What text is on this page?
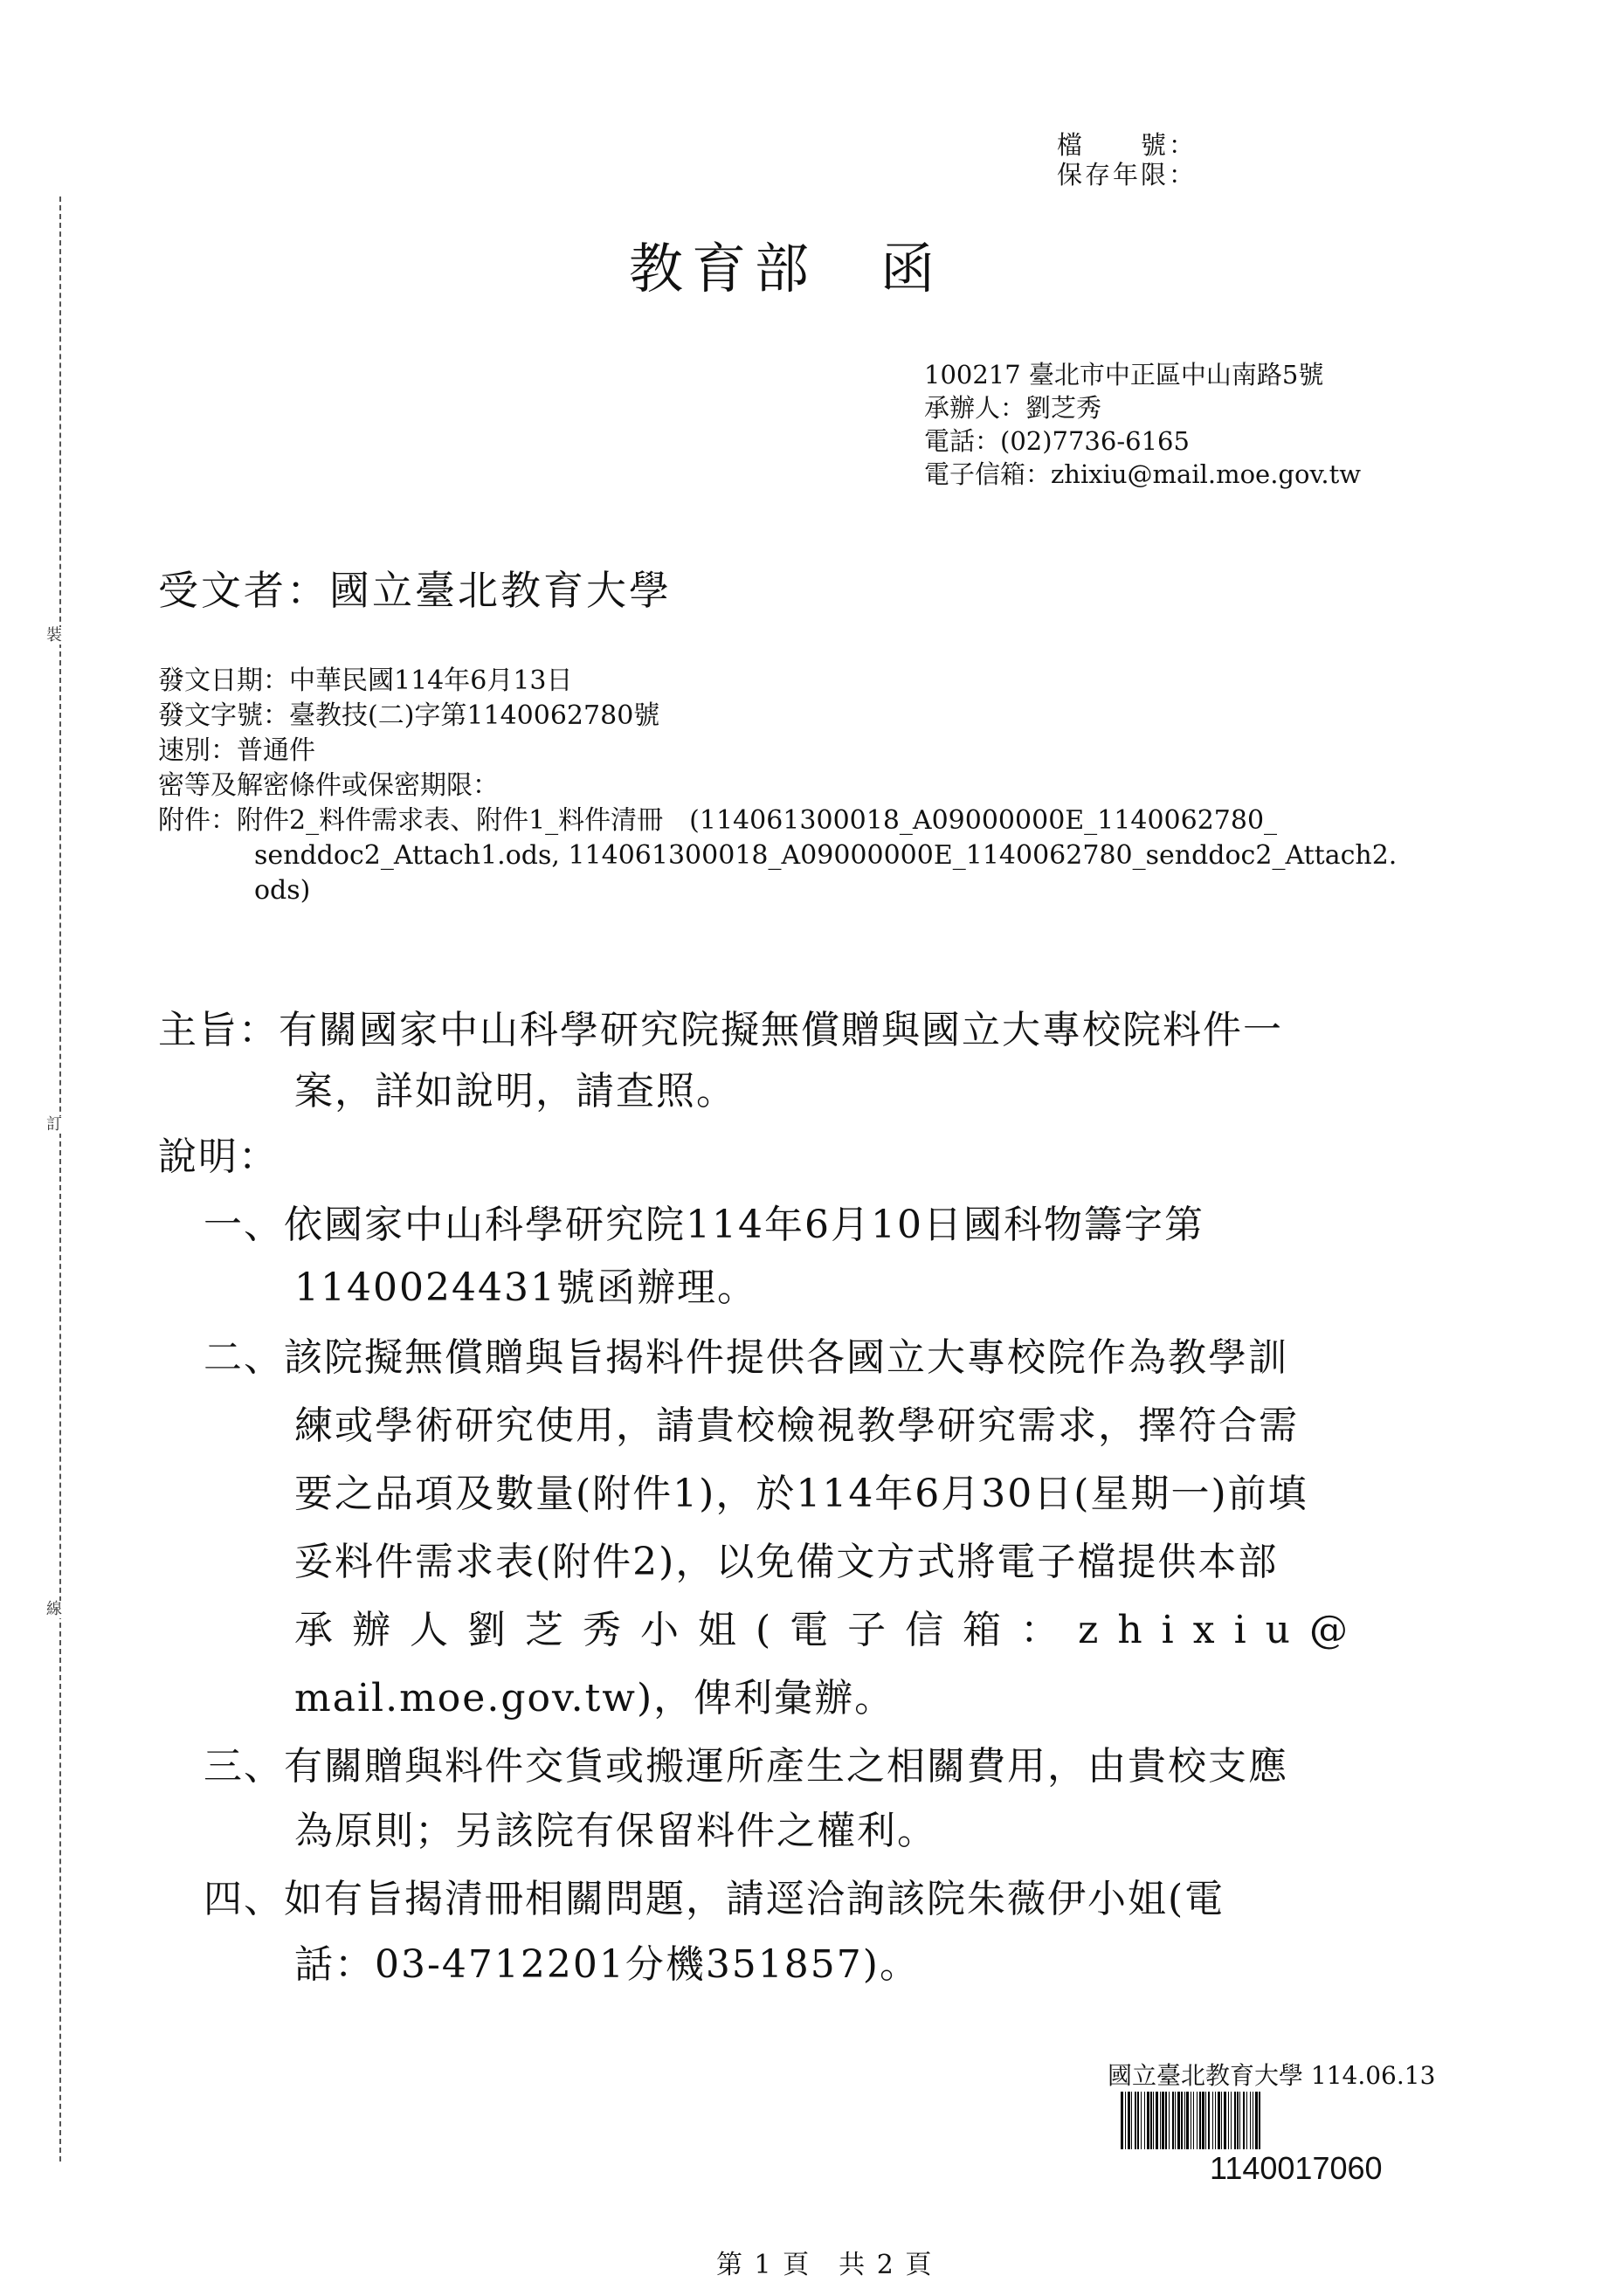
裝
訂
線
檔　　號：
保存年限：
教育部　函
100217 臺北市中正區中山南路5號
承辦人：劉芝秀
電話：(02)7736-6165
電子信箱：zhixiu@mail.moe.gov.tw
受文者：國立臺北教育大學
發文日期：中華民國114年6月13日
發文字號：臺教技(二)字第1140062780號
速別：普通件
密等及解密條件或保密期限：
附件：附件2_料件需求表、附件1_料件清冊　(114061300018_A09000000E_1140062780_
senddoc2_Attach1.ods, 114061300018_A09000000E_1140062780_senddoc2_Attach2.
ods)
主旨：有關國家中山科學研究院擬無償贈與國立大專校院料件一
案，詳如說明，請查照。
說明：
一、依國家中山科學研究院114年6月10日國科物籌字第
1140024431號函辦理。
二、該院擬無償贈與旨揭料件提供各國立大專校院作為教學訓
練或學術研究使用，請貴校檢視教學研究需求，擇符合需
要之品項及數量(附件1)，於114年6月30日(星期一)前填
妥料件需求表(附件2)，以免備文方式將電子檔提供本部
承辦人劉芝秀小姐(電子信箱：zhixiu@
mail.moe.gov.tw)，俾利彙辦。
三、有關贈與料件交貨或搬運所產生之相關費用，由貴校支應
為原則；另該院有保留料件之權利。
四、如有旨揭清冊相關問題，請逕洽詢該院朱薇伊小姐(電
話：03-4712201分機351857)。
國立臺北教育大學 114.06.13
1140017060
第 1 頁　共 2 頁
